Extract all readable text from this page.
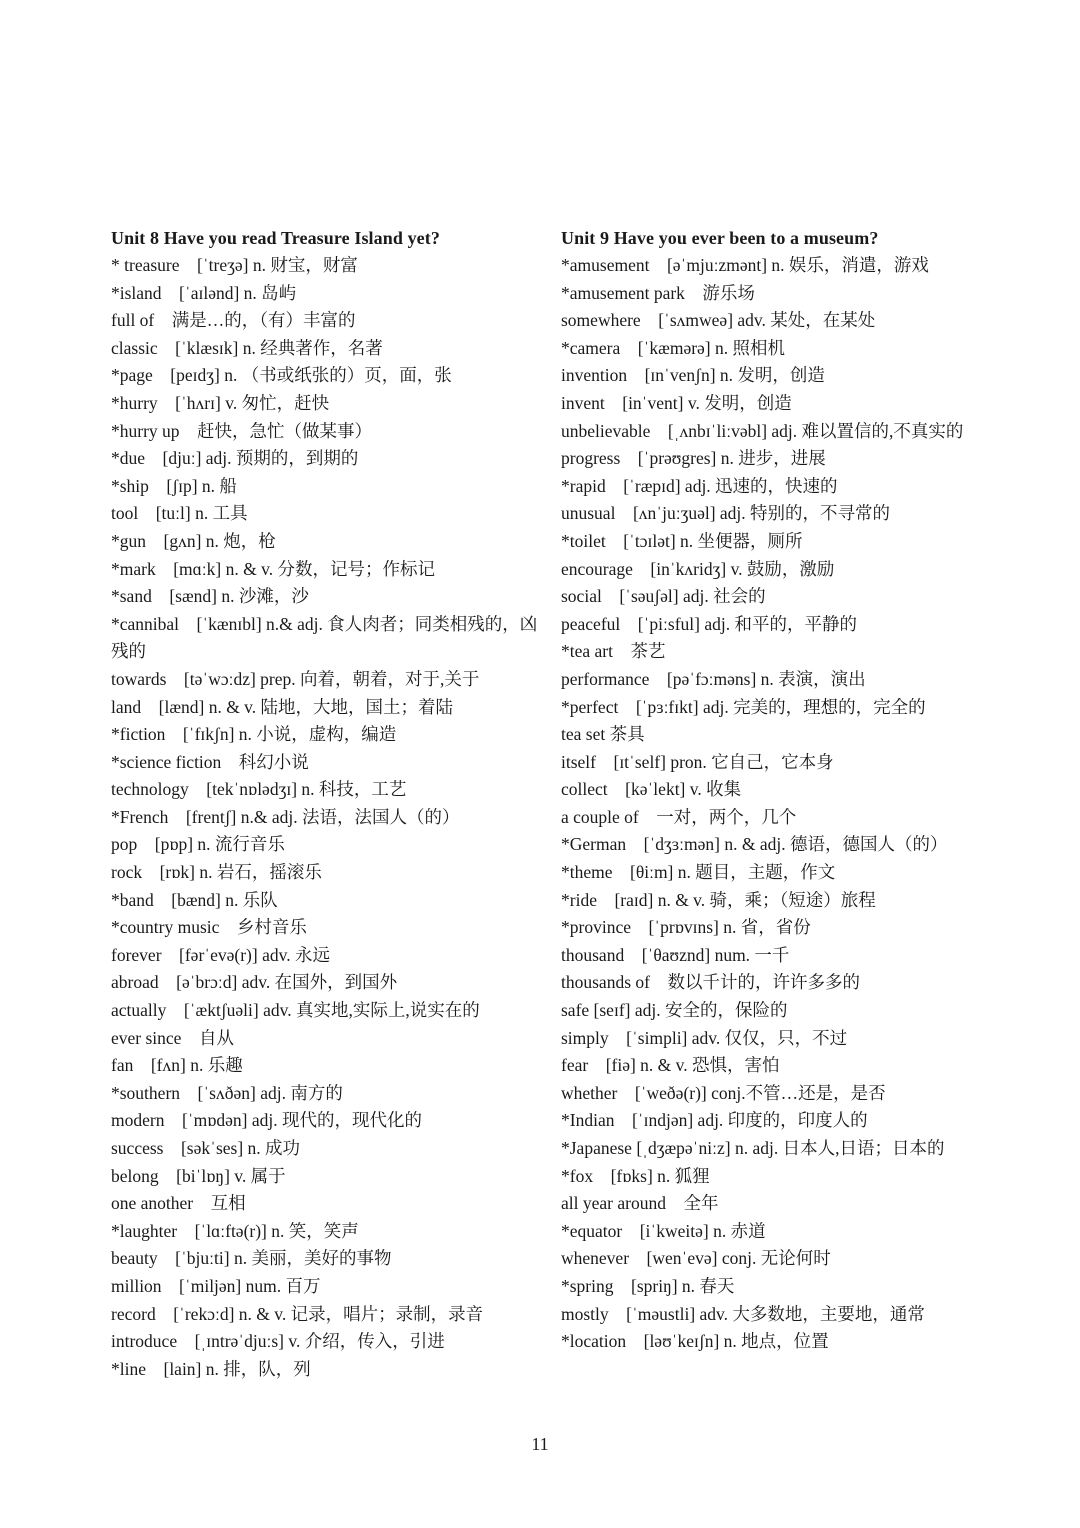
Unit 8 Have you read Treasure Island yet?
* treasure　[ˈtreʒə] n. 财宝，财富
*island　[ˈaɪlənd] n. 岛屿
full of　满是…的，（有）丰富的
classic　[ˈklæsɪk] n. 经典著作，名著
*page　[peɪdʒ] n. （书或纸张的）页，面，张
*hurry　[ˈhʌrɪ] v. 匆忙，赶快
*hurry up　赶快，急忙（做某事）
*due　[djuː] adj. 预期的，到期的
*ship　[ʃɪp] n. 船
tool　[tuːl] n. 工具
*gun　[gʌn] n. 炮，枪
*mark　[mɑːk] n. & v. 分数，记号；作标记
*sand　[sænd] n. 沙滩，沙
*cannibal　[ˈkænɪbl] n.& adj. 食人肉者；同类相残的，凶残的
towards　[təˈwɔːdz] prep. 向着，朝着，对于,关于
land　[lænd] n. & v. 陆地，大地，国土；着陆
*fiction　[ˈfɪkʃn] n. 小说，虚构，编造
*science fiction　科幻小说
technology　[tekˈnɒlədʒɪ] n. 科技，工艺
*French　[frentʃ] n.& adj. 法语，法国人（的）
pop　[pɒp] n. 流行音乐
rock　[rɒk] n. 岩石，摇滚乐
*band　[bænd] n. 乐队
*country music　乡村音乐
forever　[fərˈevə(r)] adv. 永远
abroad　[əˈbrɔːd] adv. 在国外，到国外
actually　[ˈæktʃuəli] adv. 真实地,实际上,说实在的
ever since　自从
fan　[fʌn] n. 乐趣
*southern　[ˈsʌðən] adj. 南方的
modern　[ˈmɒdən] adj. 现代的，现代化的
success　[səkˈses] n. 成功
belong　[biˈlɒŋ] v. 属于
one another　互相
*laughter　[ˈlɑːftə(r)] n. 笑，笑声
beauty　[ˈbjuːti] n. 美丽，美好的事物
million　[ˈmiljən] num. 百万
record　[ˈrekɔːd] n. & v. 记录，唱片；录制，录音
introduce　[ˌɪntrəˈdjuːs] v. 介绍，传入，引进
*line　[lain] n. 排，队，列
Unit 9 Have you ever been to a museum?
*amusement　[əˈmjuːzmənt] n. 娱乐，消遣，游戏
*amusement park　游乐场
somewhere　[ˈsʌmweə] adv. 某处，在某处
*camera　[ˈkæmərə] n. 照相机
invention　[ɪnˈvenʃn] n. 发明，创造
invent　[inˈvent] v. 发明，创造
unbelievable　[ˌʌnbɪˈliːvəbl] adj. 难以置信的,不真实的
progress　[ˈprəʊgres] n. 进步，进展
*rapid　[ˈræpɪd] adj. 迅速的，快速的
unusual　[ʌnˈjuːʒuəl] adj. 特别的，不寻常的
*toilet　[ˈtɔɪlət] n. 坐便器，厕所
encourage　[inˈkʌridʒ] v. 鼓励，激励
social　[ˈsəuʃəl] adj. 社会的
peaceful　[ˈpiːsful] adj. 和平的，平静的
*tea art　茶艺
performance　[pəˈfɔːməns] n. 表演，演出
*perfect　[ˈpɜːfɪkt] adj. 完美的，理想的，完全的
tea set 茶具
itself　[ɪtˈself] pron. 它自己，它本身
collect　[kəˈlekt] v. 收集
a couple of　一对，两个，几个
*German　[ˈdʒɜːmən] n. & adj. 德语，德国人（的）
*theme　[θiːm] n. 题目，主题，作文
*ride　[raɪd] n. & v. 骑，乘；（短途）旅程
*province　[ˈprɒvɪns] n. 省，省份
thousand　[ˈθaʊznd] num. 一千
thousands of　数以千计的，许许多多的
safe [seɪf] adj. 安全的，保险的
simply　[ˈsimpli] adv. 仅仅，只，不过
fear　[fiə] n. & v. 恐惧，害怕
whether　[ˈweðə(r)] conj.不管…还是，是否
*Indian　[ˈɪndjən] adj. 印度的，印度人的
*Japanese [ˌdʒæpəˈniːz] n. adj. 日本人,日语；日本的
*fox　[fɒks] n. 狐狸
all year around　全年
*equator　[iˈkweitə] n. 赤道
whenever　[wenˈevə] conj. 无论何时
*spring　[spriŋ] n. 春天
mostly　[ˈməustli] adv. 大多数地，主要地，通常
*location　[ləʊˈkeɪʃn] n. 地点，位置
11
